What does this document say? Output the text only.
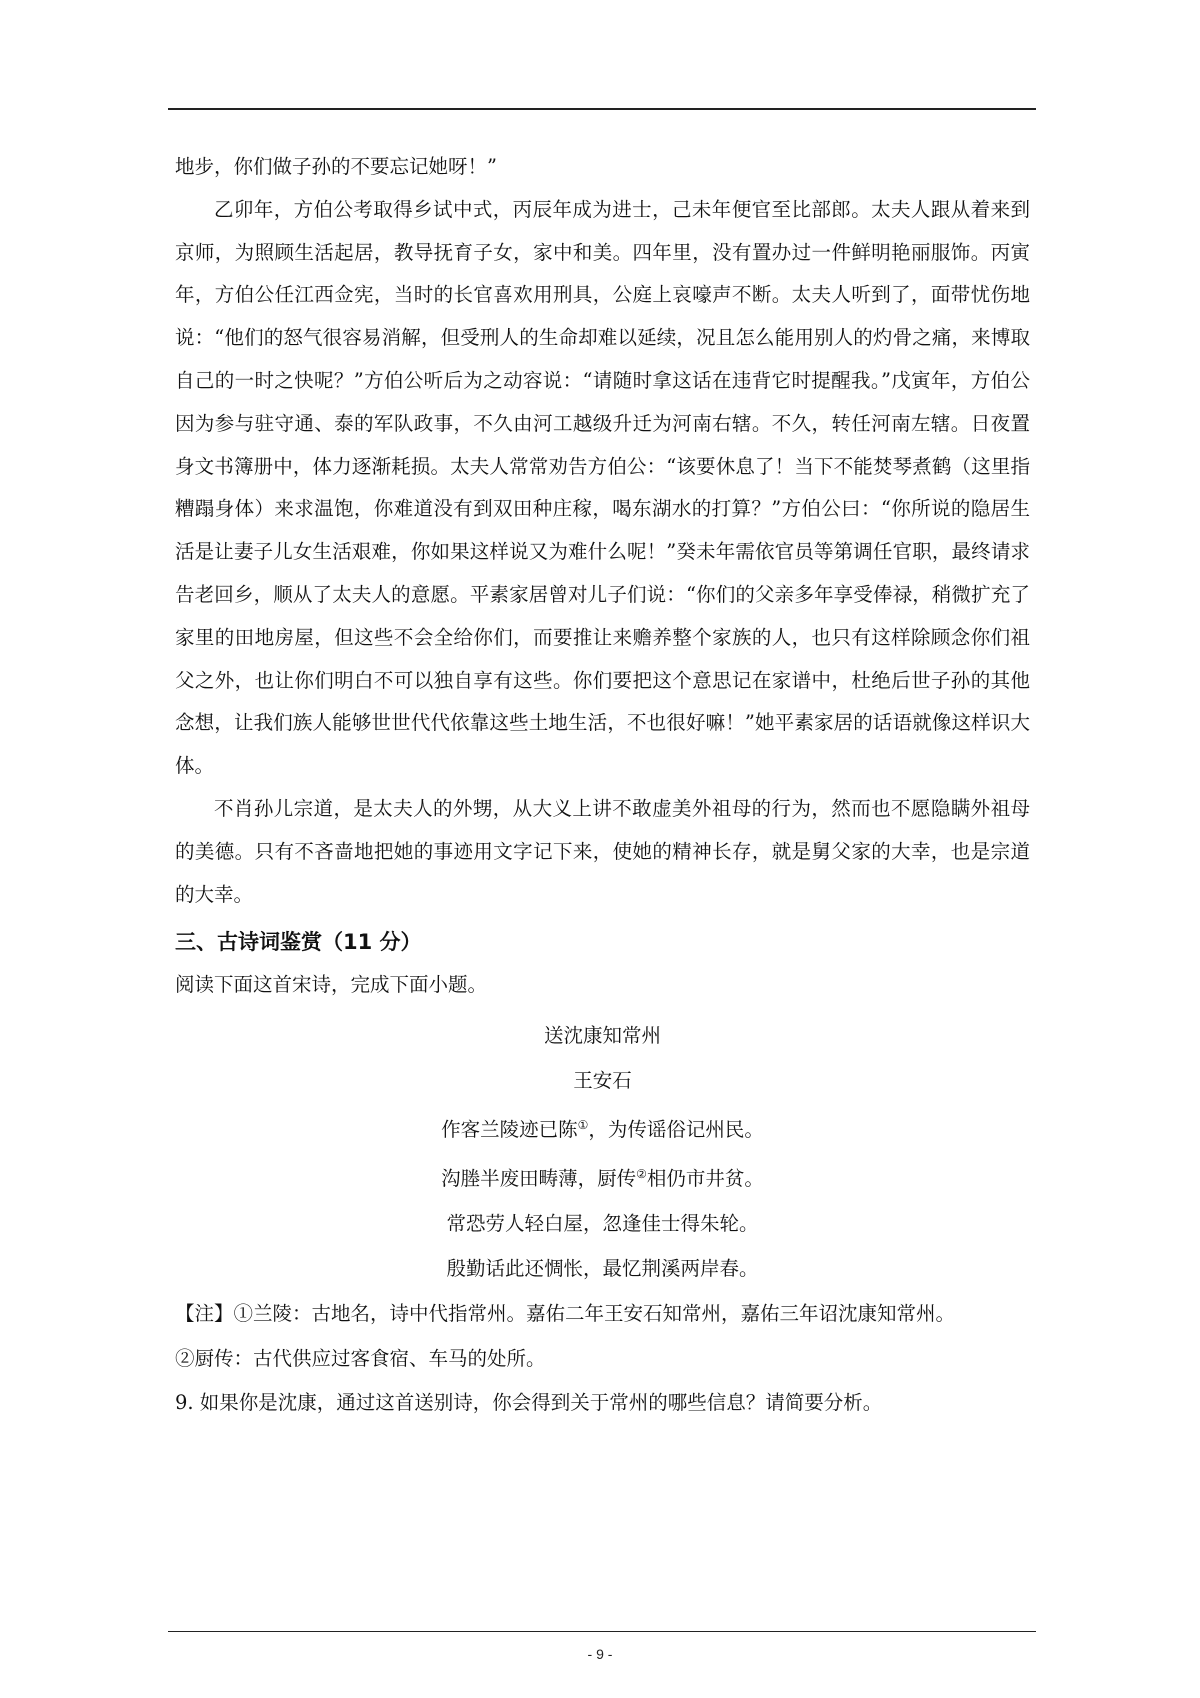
地步，你们做子孙的不要忘记她呀！”

乙卯年，方伯公考取得乡试中式，丙辰年成为进士，己未年便官至比部郎。太夫人跟从着来到京师，为照顾生活起居，教导抚育子女，家中和美。四年里，没有置办过一件鲜明艳丽服饰。丙寅年，方伯公任江西佥宪，当时的长官喜欢用刑具，公庭上哀嚎声不断。太夫人听到了，面带忧伤地说：“他们的怒气很容易消解，但受刑人的生命却难以延续，况且怎么能用别人的灼骨之痛，来博取自己的一时之快呢？”方伯公听后为之动容说：“请随时拿这话在违背它时提醒我。”戊寅年，方伯公因为参与驻守通、泰的军队政事，不久由河工越级升迁为河南右辖。不久，转任河南左辖。日夜置身文书簿册中，体力逐渐耗损。太夫人常常劝告方伯公：“该要休息了！当下不能焚琴煮鹤（这里指糟蹋身体）来求温饱，你难道没有到双田种庄稼，喝东湖水的打算？”方伯公曰：“你所说的隐居生活是让妻子儿女生活艰难，你如果这样说又为难什么呢！”癸未年需依官员等第调任官职，最终请求告老回乡，顺从了太夫人的意愿。平素家居曾对儿子们说：“你们的父亲多年享受俸禄，稍微扩充了家里的田地房屋，但这些不会全给你们，而要推让来赡养整个家族的人，也只有这样除顾念你们祖父之外，也让你们明白不可以独自享有这些。你们要把这个意思记在家谱中，杜绝后世子孙的其他念想，让我们族人能够世世代代依靠这些土地生活，不也很好嘛！”她平素家居的话语就像这样识大体。

不肖孙儿宗道，是太夫人的外甥，从大义上讲不敢虚美外祖母的行为，然而也不愿隐瞒外祖母的美德。只有不吝啬地把她的事迹用文字记下来，使她的精神长存，就是舅父家的大幸，也是宗道的大幸。

三、古诗词鉴赏（11 分）

阅读下面这首宋诗，完成下面小题。

送沈康知常州

王安石

作客兰陵迹已陈①，为传谣俗记州民。

沟塍半废田畴薄，厨传②相仍市井贫。

常恐劳人轻白屋，忽逢佳士得朱轮。

殷勤话此还惆怅，最忆荆溪两岸春。

【注】①兰陵：古地名，诗中代指常州。嘉佑二年王安石知常州，嘉佑三年诏沈康知常州。

②厨传：古代供应过客食宿、车马的处所。

9. 如果你是沈康，通过这首送别诗，你会得到关于常州的哪些信息？请简要分析。

- 9 -
